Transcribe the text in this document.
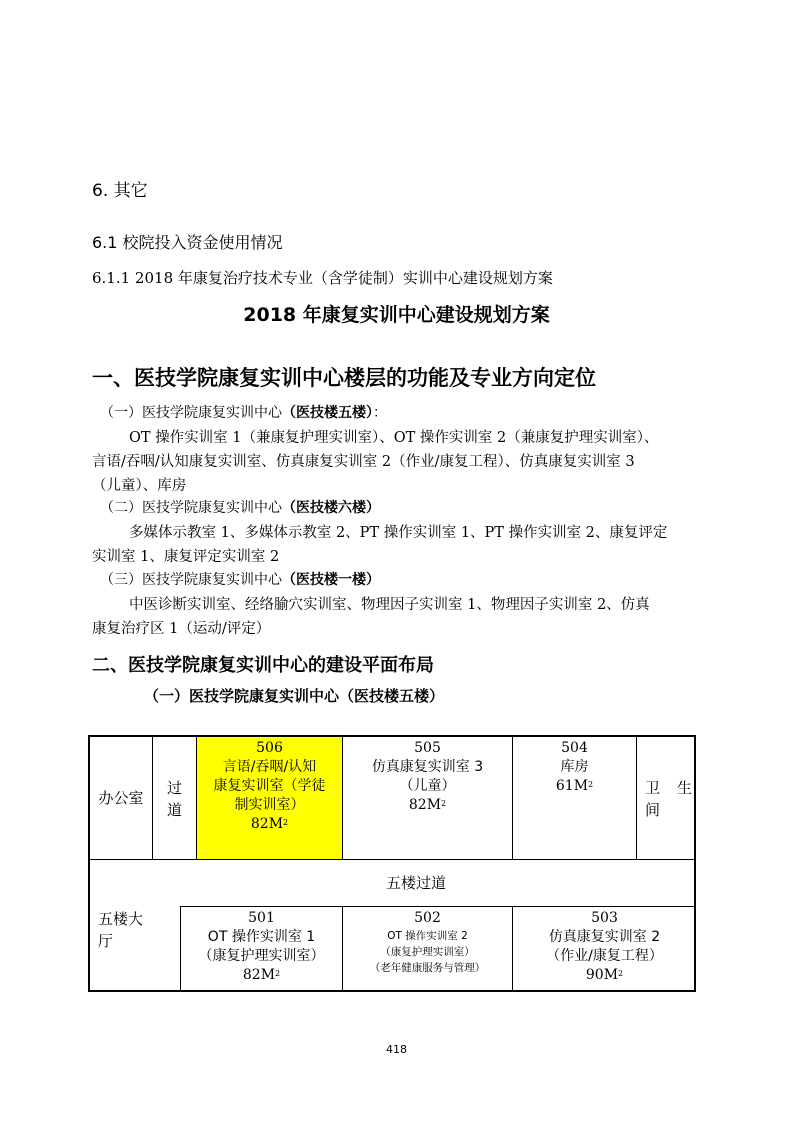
6. 其它
6.1 校院投入资金使用情况
6.1.1 2018 年康复治疗技术专业（含学徒制）实训中心建设规划方案
2018 年康复实训中心建设规划方案
一、医技学院康复实训中心楼层的功能及专业方向定位
（一）医技学院康复实训中心（医技楼五楼）：
OT 操作实训室 1（兼康复护理实训室）、OT 操作实训室 2（兼康复护理实训室）、
言语/吞咽/认知康复实训室、仿真康复实训室 2（作业/康复工程）、仿真康复实训室 3
（儿童）、库房
（二）医技学院康复实训中心（医技楼六楼）
多媒体示教室 1、多媒体示教室 2、PT 操作实训室 1、PT 操作实训室 2、康复评定
实训室 1、康复评定实训室 2
（三）医技学院康复实训中心（医技楼一楼）
中医诊断实训室、经络腧穴实训室、物理因子实训室 1、物理因子实训室 2、仿真
康复治疗区 1（运动/评定）
二、医技学院康复实训中心的建设平面布局
（一）医技学院康复实训中心（医技楼五楼）
办公室
过
道
506
言语/吞咽/认知
康复实训室（学徒
制实训室）
$82M^2$
505
仿真康复实训室 3
（儿童）
$82M^2$
504
库房
$61M^2$	卫 生
间
五楼过道
五楼大
厅
501
OT 操作实训室 1
（康复护理实训室）
$82M^2$
502
OT 操作实训室 2
（康复护理实训室）
（老年健康服务与管理）
503
仿真康复实训室 2
（作业/康复工程）
$90M^2$
418
